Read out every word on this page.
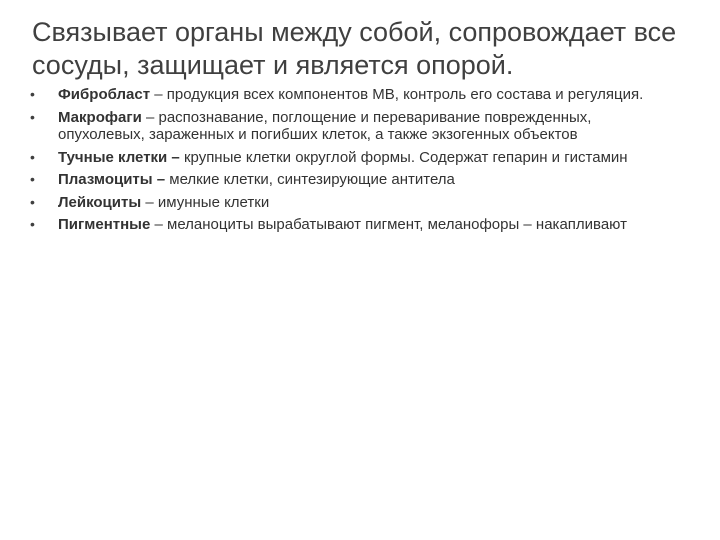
Связывает органы между собой, сопровождает все сосуды, защищает и является опорой.
• Фибробласт – продукция всех компонентов МВ, контроль его состава и регуляция.
• Макрофаги – распознавание, поглощение и переваривание поврежденных, опухолевых, зараженных и погибших клеток, а также экзогенных объектов
• Тучные клетки – крупные клетки округлой формы. Содержат гепарин и гистамин
• Плазмоциты – мелкие клетки, синтезирующие антитела
• Лейкоциты – имунные клетки
• Пигментные – меланоциты вырабатывают пигмент, меланофоры – накапливают
